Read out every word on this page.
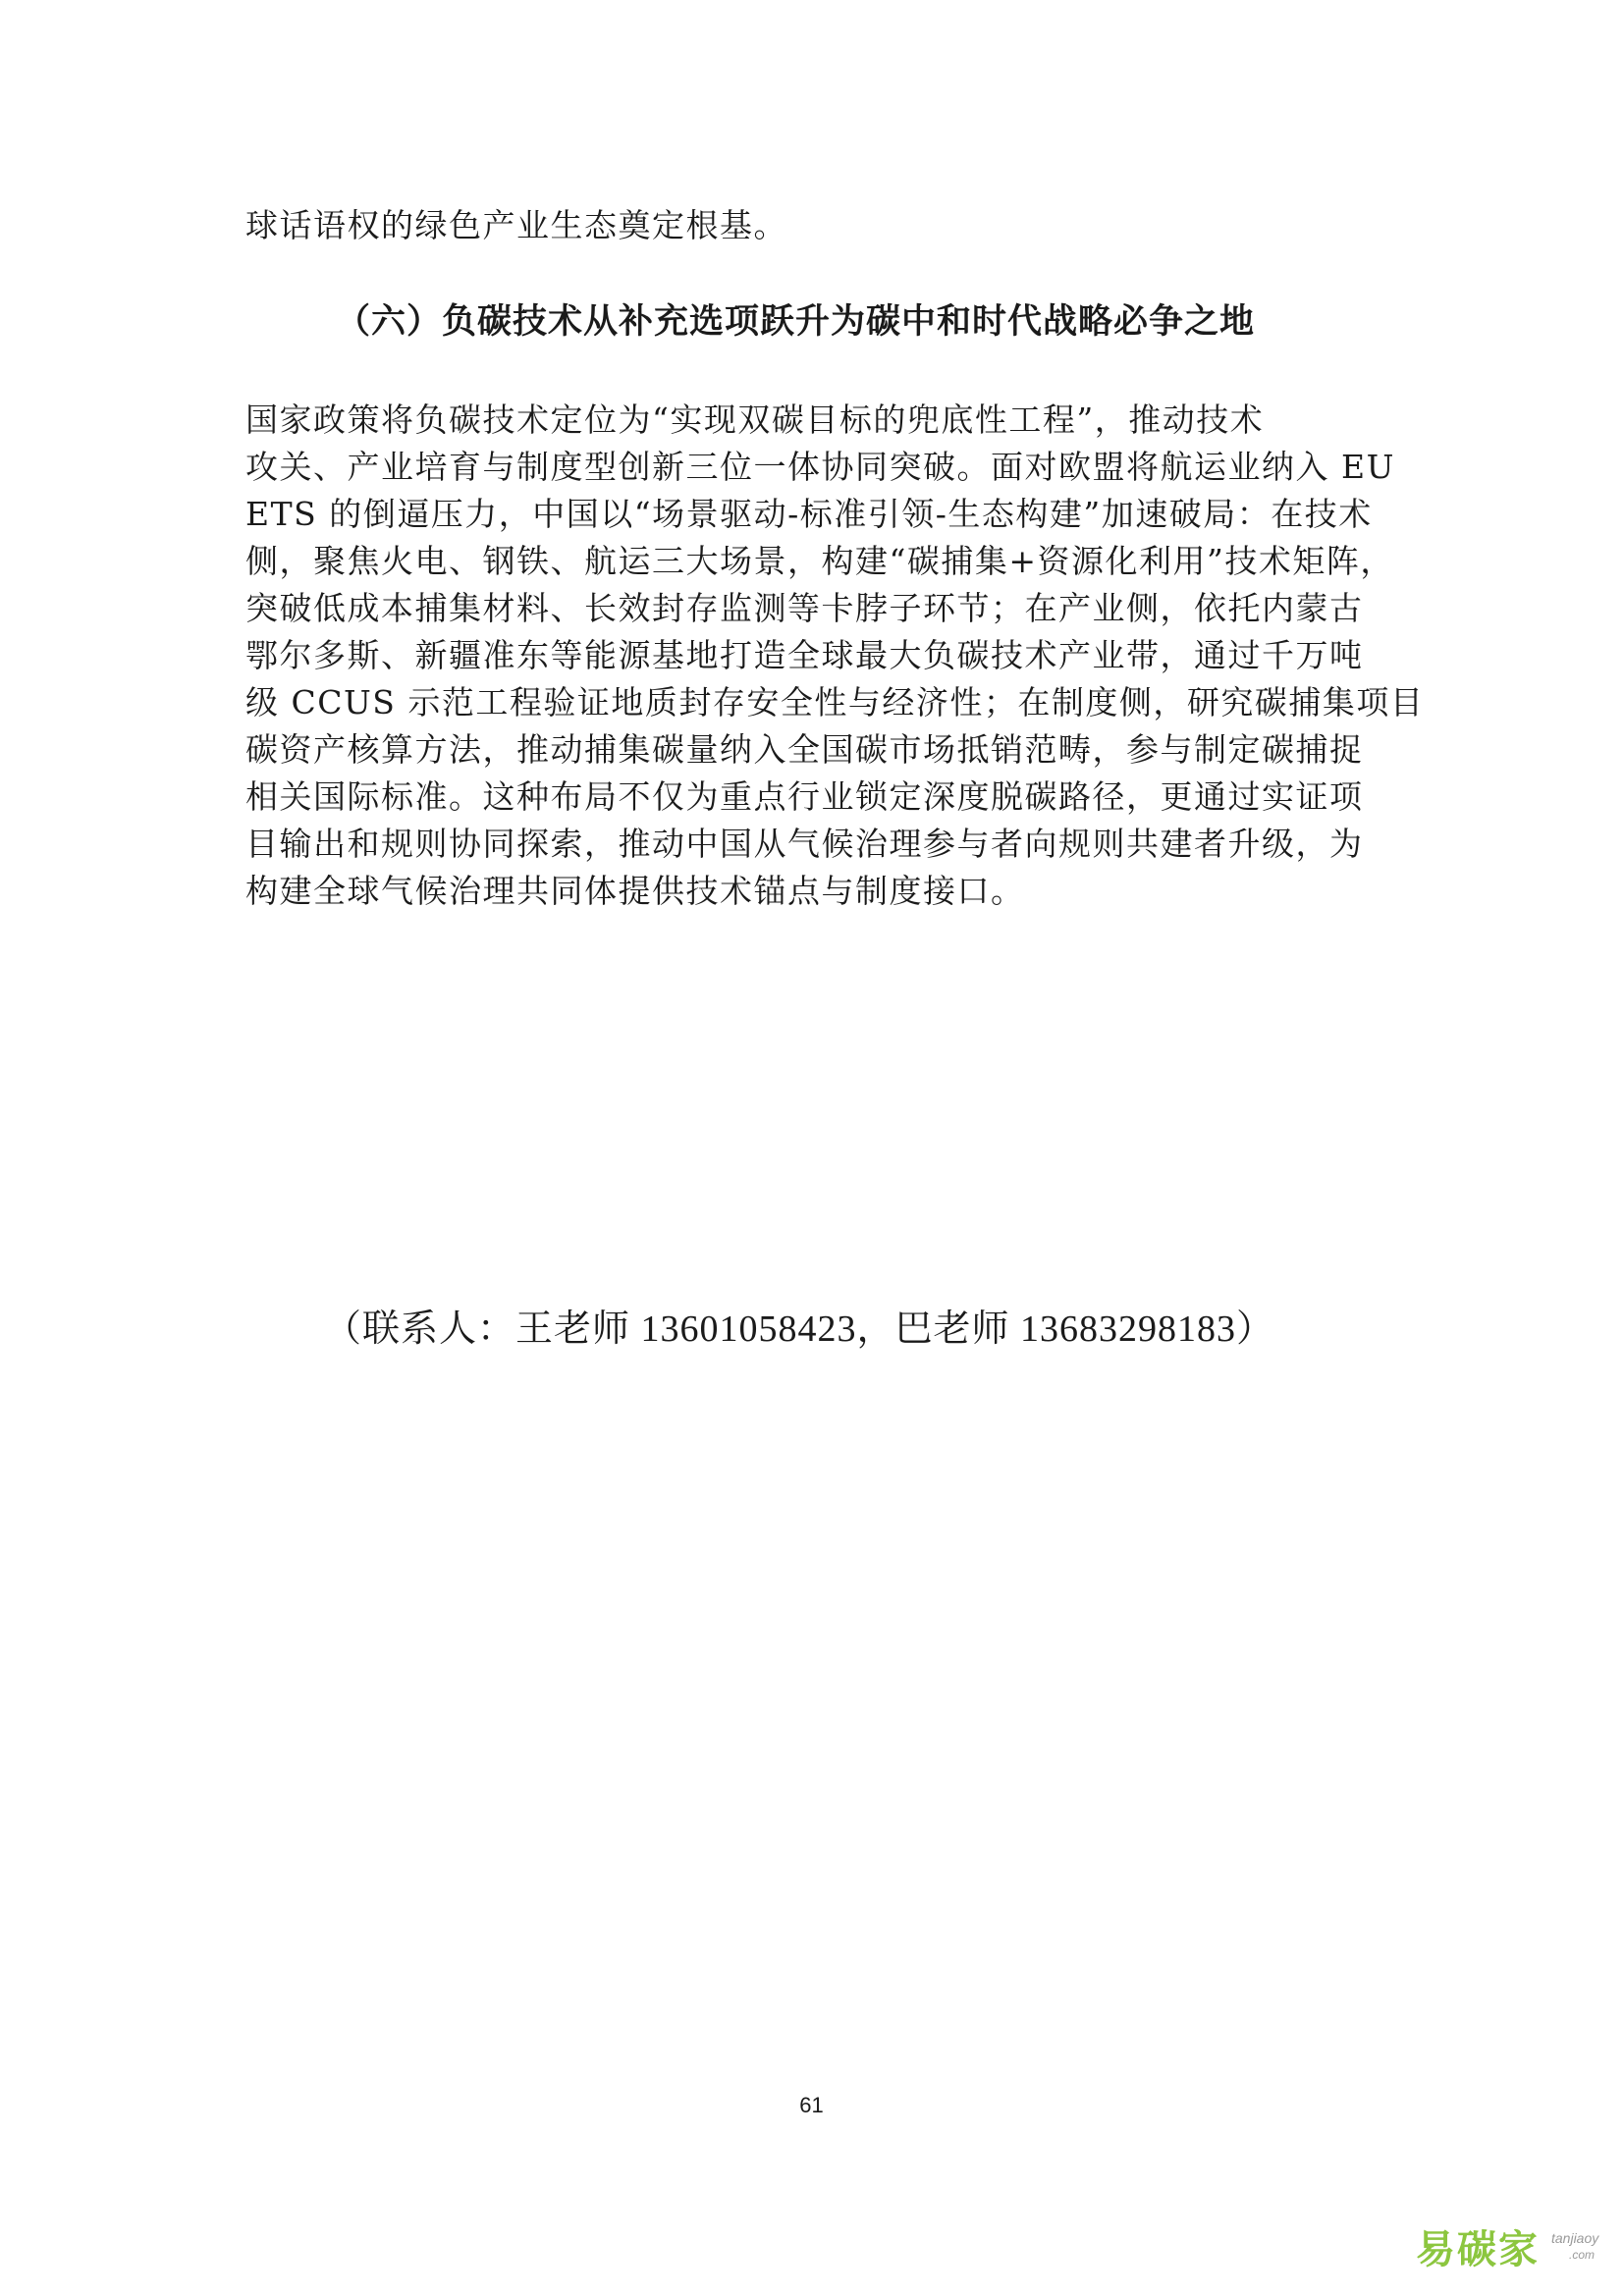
球话语权的绿色产业生态奠定根基。
（六）负碳技术从补充选项跃升为碳中和时代战略必争之地
国家政策将负碳技术定位为“实现双碳目标的兜底性工程”，推动技术
攻关、产业培育与制度型创新三位一体协同突破。面对欧盟将航运业纳入 EU
ETS 的倒逼压力，中国以“场景驱动-标准引领-生态构建”加速破局：在技术
侧，聚焦火电、钢铁、航运三大场景，构建“碳捕集+资源化利用”技术矩阵，
突破低成本捕集材料、长效封存监测等卡脖子环节；在产业侧，依托内蒙古
鄂尔多斯、新疆准东等能源基地打造全球最大负碳技术产业带，通过千万吨
级 CCUS 示范工程验证地质封存安全性与经济性；在制度侧，研究碳捕集项目
碳资产核算方法，推动捕集碳量纳入全国碳市场抵销范畴，参与制定碳捕捉
相关国际标准。这种布局不仅为重点行业锁定深度脱碳路径，更通过实证项
目输出和规则协同探索，推动中国从气候治理参与者向规则共建者升级，为
构建全球气候治理共同体提供技术锚点与制度接口。
（联系人：王老师 13601058423，巴老师 13683298183）
61
易碳家 tanjiaoy
.com
